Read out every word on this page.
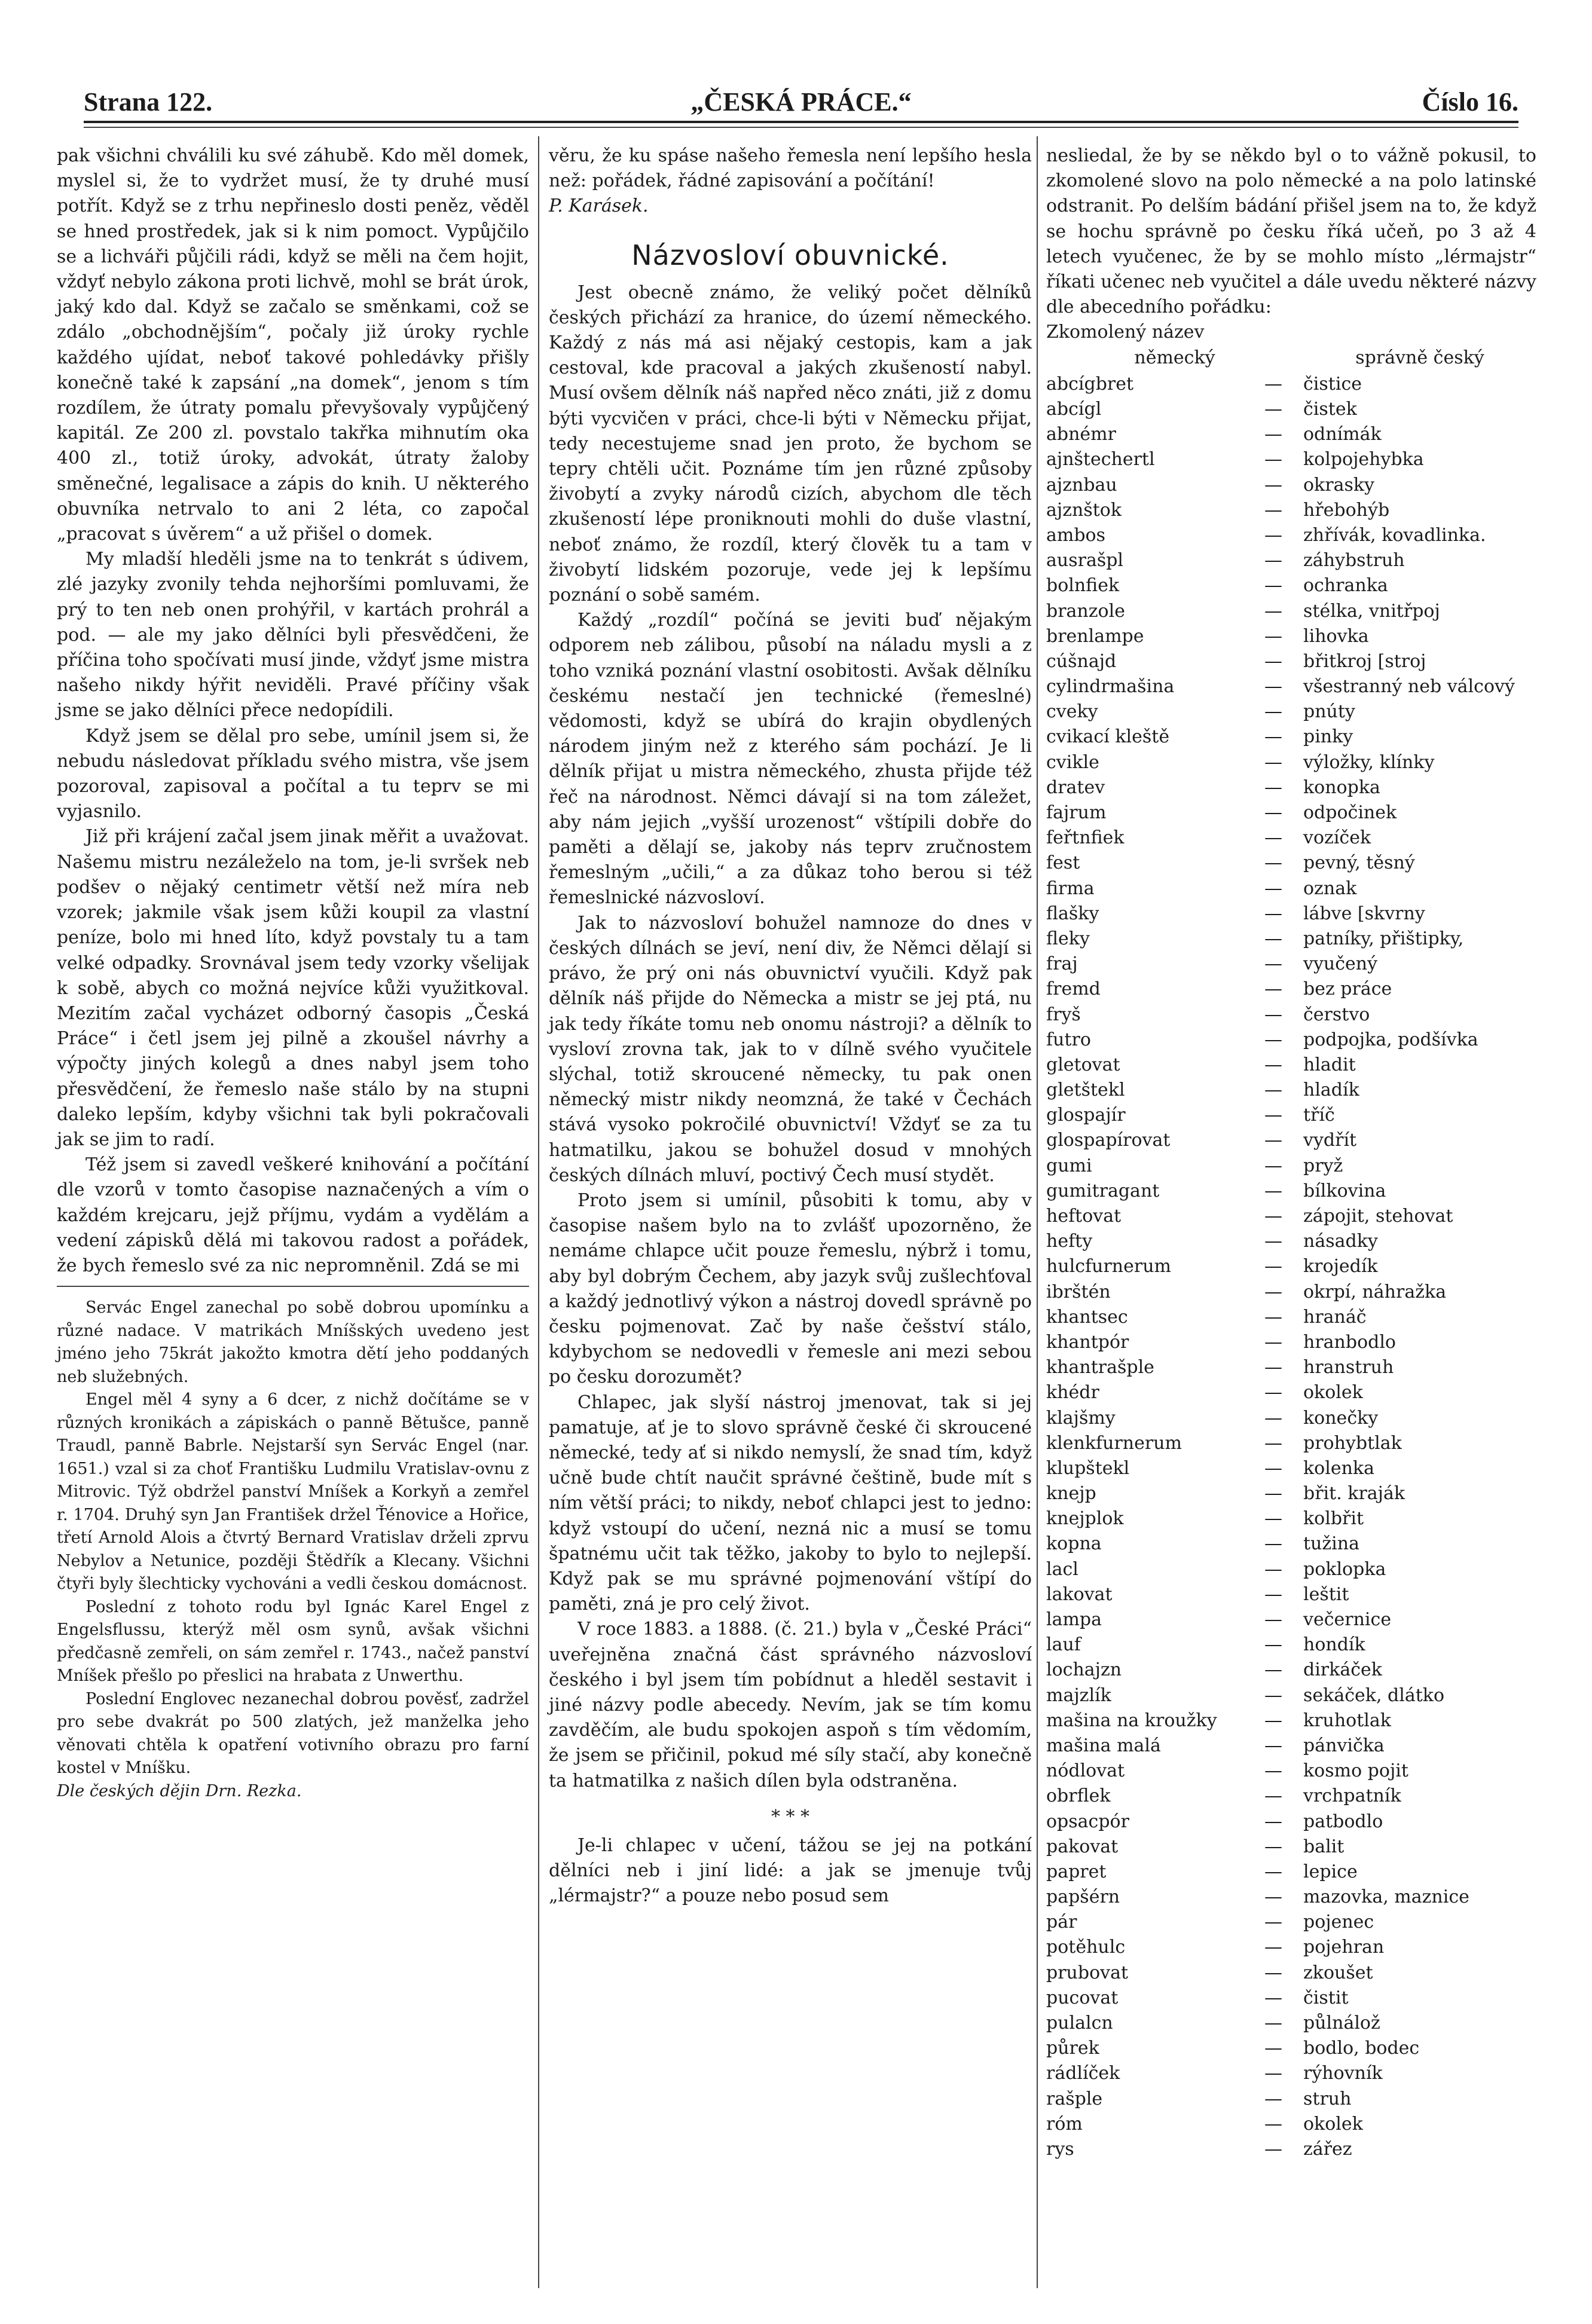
„ČESKÁ PRÁCE.“
Strana 122.	Číslo 16.

pak všichni chválili ku své záhubě. Kdo měl domek, myslel si, že to vydržet musí, že ty druhé musí potřít. Když se z trhu nepřineslo dosti peněz, věděl se hned prostředek, jak si k nim pomoct. Vypůjčilo se a lichváři půjčili rádi, když se měli na čem hojit, vždyť nebylo zákona proti lichvě, mohl se brát úrok, jaký kdo dal. Když se začalo se směnkami, což se zdálo „obchodnějším“, počaly již úroky rychle každého ujídat, neboť takové pohledávky přišly konečně také k zapsání „na domek“, jenom s tím rozdílem, že útraty pomalu převyšovaly vypůjčený kapitál. Ze 200 zl. povstalo takřka mihnutím oka 400 zl., totiž úroky, advokát, útraty žaloby směnečné, legalisace a zápis do knih. U některého obuvníka netrvalo to ani 2 léta, co započal „pracovat s úvěrem“ a už přišel o domek.

My mladší hleděli jsme na to tenkrát s údivem, zlé jazyky zvonily tehda nejhoršími pomluvami, že prý to ten neb onen prohýřil, v kartách prohrál a pod. — ale my jako dělníci byli přesvědčeni, že příčina toho spočívati musí jinde, vždyť jsme mistra našeho nikdy hýřit neviděli. Pravé příčiny však jsme se jako dělníci přece nedopídili.

Když jsem se dělal pro sebe, umínil jsem si, že nebudu následovat příkladu svého mistra, vše jsem pozoroval, zapisoval a počítal a tu teprv se mi vyjasnilo.

Již při krájení začal jsem jinak měřit a uvažovat. Našemu mistru nezáleželo na tom, je-li svršek neb podšev o nějaký centimetr větší než míra neb vzorek; jakmile však jsem kůži koupil za vlastní peníze, bolo mi hned líto, když povstaly tu a tam velké odpadky. Srovnával jsem tedy vzorky všelijak k sobě, abych co možná nejvíce kůži využitkoval. Mezitím začal vycházet odborný časopis „Česká Práce“ i četl jsem jej pilně a zkoušel návrhy a výpočty jiných kolegů a dnes nabyl jsem toho přesvědčení, že řemeslo naše stálo by na stupni daleko lepším, kdyby všichni tak byli pokračovali jak se jim to radí.

Též jsem si zavedl veškeré knihování a počítání dle vzorů v tomto časopise naznačených a vím o každém krejcaru, jejž příjmu, vydám a vydělám a vedení zápisků dělá mi takovou radost a pořádek, že bych řemeslo své za nic nepromněnil. Zdá se mi

Servác Engel zanechal po sobě dobrou upomínku a různé nadace. V matrikách Mníšských uvedeno jest jméno jeho 75krát jakožto kmotra dětí jeho poddaných neb služebných.

Engel měl 4 syny a 6 dcer, z nichž dočítáme se v různých kronikách a zápiskách o panně Bětušce, panně Traudl, panně Babrle. Nejstarší syn Servác Engel (nar. 1651.) vzal si za choť Františku Ludmilu Vratislav-ovnu z Mitrovic. Týž obdržel panství Mníšek a Korkyň a zemřel r. 1704. Druhý syn Jan František držel Ťénovice a Hořice, třetí Arnold Alois a čtvrtý Bernard Vratislav drželi zprvu Nebylov a Netunice, později Štědřík a Klecany. Všichni čtyři byly šlechticky vychováni a vedli českou domácnost.

Poslední z tohoto rodu byl Ignác Karel Engel z Engelsflussu, kterýž měl osm synů, avšak všichni předčasně zemřeli, on sám zemřel r. 1743., načež panství Mníšek přešlo po přeslici na hrabata z Unwerthu.

Poslední Englovec nezanechal dobrou pověsť, zadržel pro sebe dvakrát po 500 zlatých, jež manželka jeho věnovati chtěla k opatření votivního obrazu pro farní kostel v Mníšku.

Dle českých dějin Drn. Rezka.

věru, že ku spáse našeho řemesla není lepšího hesla než: pořádek, řádné zapisování a počítání!

P. Karásek.

Názvosloví obuvnické.

Jest obecně známo, že veliký počet dělníků českých přichází za hranice, do území německého. Každý z nás má asi nějaký cestopis, kam a jak cestoval, kde pracoval a jakých zkušeností nabyl. Musí ovšem dělník náš napřed něco znáti, již z domu býti vycvičen v práci, chce-li býti v Německu přijat, tedy necestujeme snad jen proto, že bychom se tepry chtěli učit. Poznáme tím jen různé způsoby živobytí a zvyky národů cizích, abychom dle těch zkušeností lépe proniknouti mohli do duše vlastní, neboť známo, že rozdíl, který člověk tu a tam v živobytí lidském pozoruje, vede jej k lepšímu poznání o sobě samém.

Každý „rozdíl“ počíná se jeviti buď nějakým odporem neb zálibou, působí na náladu mysli a z toho vzniká poznání vlastní osobitosti. Avšak dělníku českému nestačí jen technické (řemeslné) vědomosti, když se ubírá do krajin obydlených národem jiným než z kterého sám pochází. Je li dělník přijat u mistra německého, zhusta přijde též řeč na národnost. Němci dávají si na tom záležet, aby nám jejich „vyšší urozenost“ vštípili dobře do paměti a dělají se, jakoby nás teprv zručnostem řemeslným „učili,“ a za důkaz toho berou si též řemeslnické názvosloví.

Jak to názvosloví bohužel namnoze do dnes v českých dílnách se jeví, není div, že Němci dělají si právo, že prý oni nás obuvnictví vyučili. Když pak dělník náš přijde do Německa a mistr se jej ptá, nu jak tedy říkáte tomu neb onomu nástroji? a dělník to vysloví zrovna tak, jak to v dílně svého vyučitele slýchal, totiž skroucené německy, tu pak onen německý mistr nikdy neomzná, že také v Čechách stává vysoko pokročilé obuvnictví! Vždyť se za tu hatmatilku, jakou se bohužel dosud v mnohých českých dílnách mluví, poctivý Čech musí stydět.

Proto jsem si umínil, působiti k tomu, aby v časopise našem bylo na to zvlášť upozorněno, že nemáme chlapce učit pouze řemeslu, nýbrž i tomu, aby byl dobrým Čechem, aby jazyk svůj zušlechťoval a každý jednotlivý výkon a nástroj dovedl správně po česku pojmenovat. Zač by naše češství stálo, kdybychom se nedovedli v řemesle ani mezi sebou po česku dorozumět?

Chlapec, jak slyší nástroj jmenovat, tak si jej pamatuje, ať je to slovo správně české či skroucené německé, tedy ať si nikdo nemyslí, že snad tím, když učně bude chtít naučit správné češtině, bude mít s ním větší práci; to nikdy, neboť chlapci jest to jedno: když vstoupí do učení, nezná nic a musí se tomu špatnému učit tak těžko, jakoby to bylo to nejlepší. Když pak se mu správné pojmenování vštípí do paměti, zná je pro celý život.

V roce 1883. a 1888. (č. 21.) byla v „České Práci“ uveřejněna značná část správného názvosloví českého i byl jsem tím pobídnut a hleděl sestavit i jiné názvy podle abecedy. Nevím, jak se tím komu zavděčím, ale budu spokojen aspoň s tím vědomím, že jsem se přičinil, pokud mé síly stačí, aby konečně ta hatmatilka z našich dílen byla odstraněna.

* * *

Je-li chlapec v učení, tážou se jej na potkání dělníci neb i jiní lidé: a jak se jmenuje tvůj „lérmajstr?“ a pouze nebo posud sem

nesliedal, že by se někdo byl o to vážně pokusil, to zkomolené slovo na polo německé a na polo latinské odstranit. Po delším bádání přišel jsem na to, že když se hochu správně po česku říká učeň, po 3 až 4 letech vyučenec, že by se mohlo místo „lérmajstr“ říkati učenec neb vyučitel a dále uvedu některé názvy dle abecedního pořádku:

Zkomolený název
německý	správně český
abcígbret	—	čistice
abcígl	—	čistek
abnémr	—	odnímák
ajnštechertl	—	kolpojehybka
ajznbau	—	okrasky
ajznštok	—	hřebohýb
ambos	—	zhřívák, kovadlinka.
ausrašpl	—	záhybstruh
bolnfiek	—	ochranka
branzole	—	stélka, vnitřpoj
brenlampe	—	lihovka
cúšnajd	—	břitkroj [stroj
cylindrmašina	—	všestranný neb válcový
cveky	—	pnúty
cvikací kleště	—	pinky
cvikle	—	výložky, klínky
dratev	—	konopka
fajrum	—	odpočinek
feřtnfiek	—	vozíček
fest	—	pevný, těsný
firma	—	oznak
flašky	—	lábve [skvrny
fleky	—	patníky, přištipky,
fraj	—	vyučený
fremd	—	bez práce
fryš	—	čerstvo
futro	—	podpojka, podšívka
gletovat	—	hladit
gletštekl	—	hladík
glospajír	—	tříč
glospapírovat	—	vydřít
gumi	—	pryž
gumitragant	—	bílkovina
heftovat	—	zápojit, stehovat
hefty	—	násadky
hulcfurnerum	—	krojedík
ibrštén	—	okrpí, náhražka
khantsec	—	hranáč
khantpór	—	hranbodlo
khantrašple	—	hranstruh
khédr	—	okolek
klajšmy	—	konečky
klenkfurnerum	—	prohybtlak
klupštekl	—	kolenka
knejp	—	břit. kraják
knejplok	—	kolbřit
kopna	—	tužina
lacl	—	poklopka
lakovat	—	leštit
lampa	—	večernice
lauf	—	hondík
lochajzn	—	dirkáček
majzlík	—	sekáček, dlátko
mašina na kroužky	—	kruhotlak
mašina malá	—	pánvička
nódlovat	—	kosmo pojit
obrflek	—	vrchpatník
opsacpór	—	patbodlo
pakovat	—	balit
papret	—	lepice
papšérn	—	mazovka, maznice
pár	—	pojenec
potěhulc	—	pojehran
prubovat	—	zkoušet
pucovat	—	čistit
pulalcn	—	půlnálož
půrek	—	bodlo, bodec
rádlíček	—	rýhovník
rašple	—	struh
róm	—	okolek
rys	—	zářez
